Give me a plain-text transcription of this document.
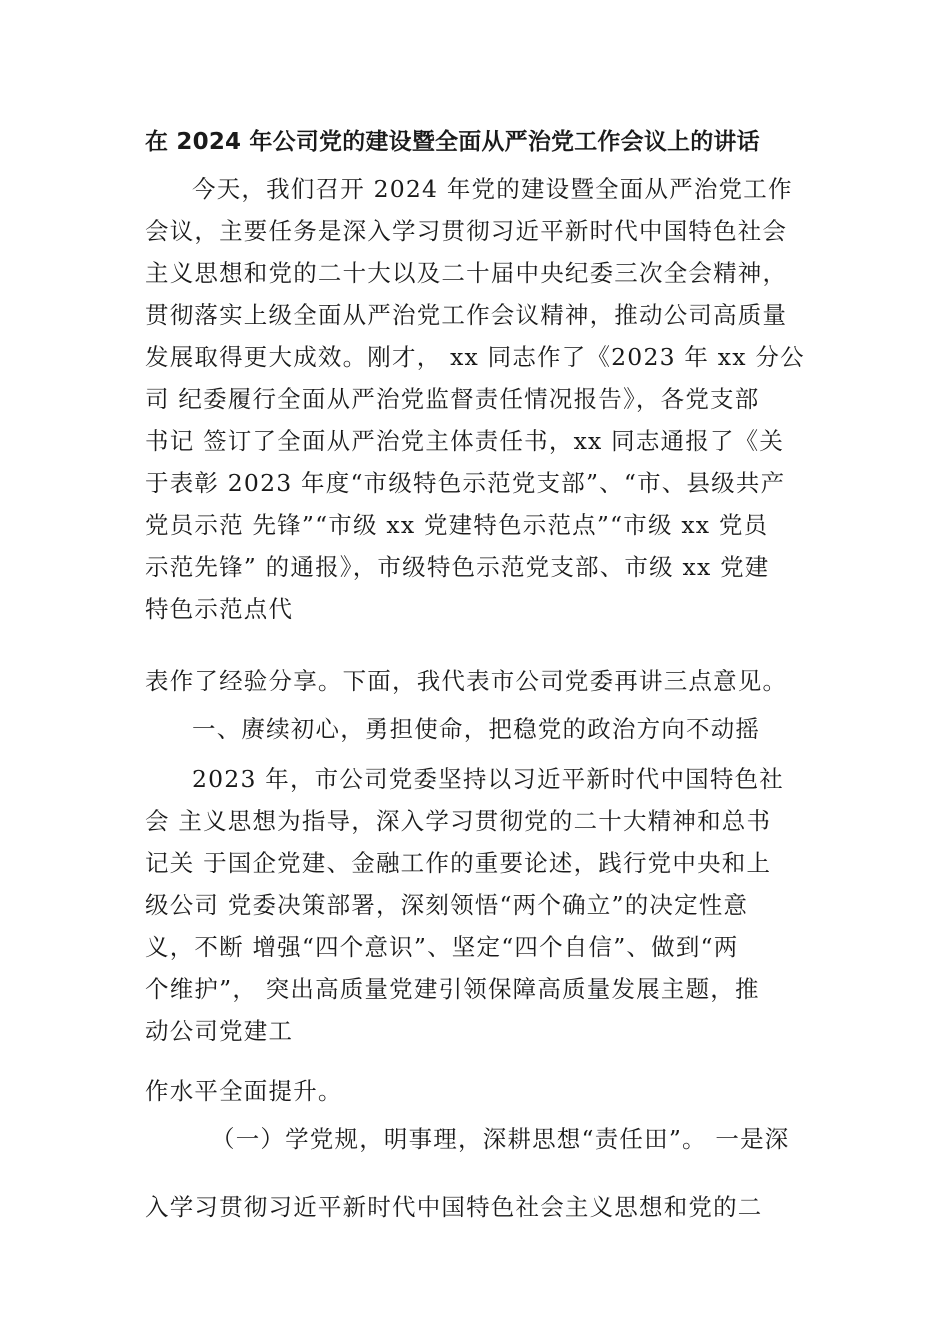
在 2024 年公司党的建设暨全面从严治党工作会议上的讲话
今天，我们召开 2024 年党的建设暨全面从严治党工作
会议，主要任务是深入学习贯彻习近平新时代中国特色社会
主义思想和党的二十大以及二十届中央纪委三次全会精神，
贯彻落实上级全面从严治党工作会议精神，推动公司高质量
发展取得更大成效。刚才， xx 同志作了《2023 年 xx 分公
司 纪委履行全面从严治党监督责任情况报告》，各党支部
书记 签订了全面从严治党主体责任书，xx 同志通报了《关
于表彰 2023 年度“市级特色示范党支部”、“市、县级共产
党员示范 先锋”“市级 xx 党建特色示范点”“市级 xx 党员
示范先锋” 的通报》，市级特色示范党支部、市级 xx 党建
特色示范点代
表作了经验分享。下面，我代表市公司党委再讲三点意见。
一、赓续初心，勇担使命，把稳党的政治方向不动摇
2023 年，市公司党委坚持以习近平新时代中国特色社
会 主义思想为指导，深入学习贯彻党的二十大精神和总书
记关 于国企党建、金融工作的重要论述，践行党中央和上
级公司 党委决策部署，深刻领悟“两个确立”的决定性意
义，不断 增强“四个意识”、坚定“四个自信”、做到“两
个维护”， 突出高质量党建引领保障高质量发展主题，推
动公司党建工
作水平全面提升。
（一）学党规，明事理，深耕思想“责任田”。 一是深
入学习贯彻习近平新时代中国特色社会主义思想和党的二
